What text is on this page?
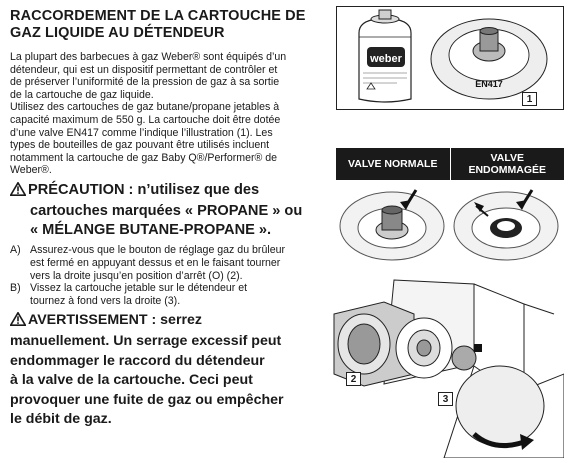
RACCORDEMENT DE LA CARTOUCHE DE
GAZ LIQUIDE AU DÉTENDEUR

La plupart des barbecues à gaz Weber® sont équipés d’un
détendeur, qui est un dispositif permettant de contrôler et
de préserver l’uniformité de la pression de gaz à sa sortie
de la cartouche de gaz liquide.
Utilisez des cartouches de gaz butane/propane jetables à
capacité maximum de 550 g. La cartouche doit être dotée
d’une valve EN417 comme l’indique l’illustration (1). Les
types de bouteilles de gaz pouvant être utilisés incluent
notamment la cartouche de gaz Baby Q®/Performer® de
Weber®.

PRÉCAUTION : n’utilisez que des
cartouches marquées « PROPANE » ou
« MÉLANGE BUTANE-PROPANE ».
A) Assurez-vous que le bouton de réglage gaz du brûleur
est fermé en appuyant dessus et en le faisant tourner
vers la droite jusqu’en position d’arrêt (O) (2).
B) Vissez la cartouche jetable sur le détendeur et
tournez à fond vers la droite (3).
AVERTISSEMENT : serrez
manuellement. Un serrage excessif peut
endommager le raccord du détendeur
à la valve de la cartouche. Ceci peut
provoquer une fuite de gaz ou empêcher
le débit de gaz.
weber
EN417
1
VALVE NORMALE	VALVE
ENDOMMAGÉE
2
3
